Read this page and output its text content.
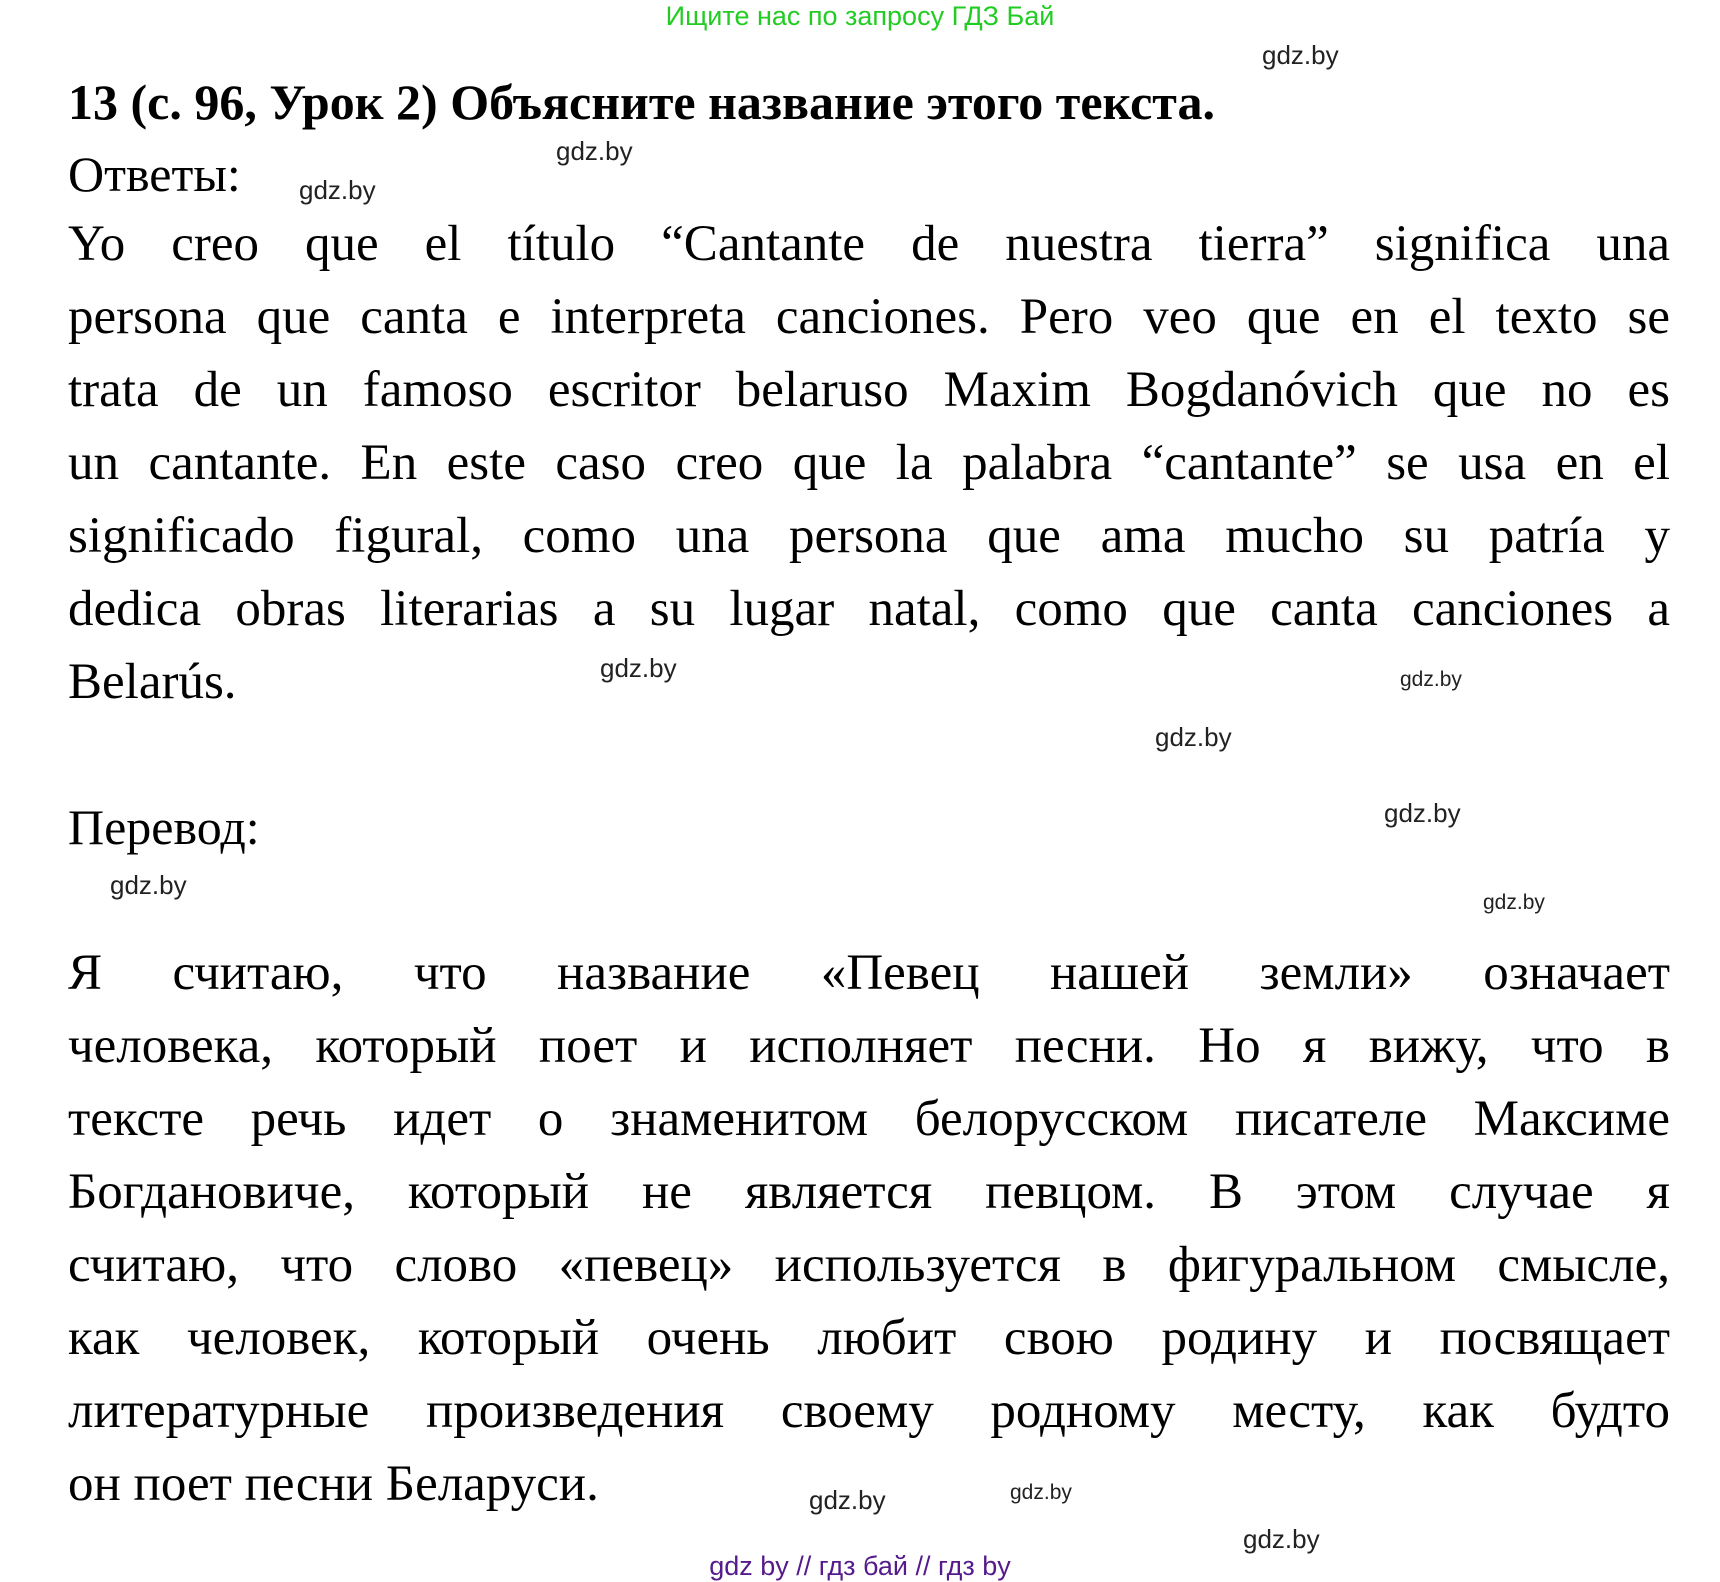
Ищите нас по запросу ГДЗ Бай
gdz.by
13 (с. 96, Урок 2) Объясните название этого текста.
gdz.by
Ответы: gdz.by
Yo creo que el título “Cantante de nuestra tierra” significa una
persona que canta e interpreta canciones. Pero veo que en el texto se
trata de un famoso escritor belaruso Maxim Bogdanóvich que no es
un cantante. En este caso creo que la palabra “cantante” se usa en el
significado figural, como una persona que ama mucho su patría y
dedica obras literarias a su lugar natal, como que canta canciones a
Belarús.	gdz.by
gdz.by
gdz.by
Перевод:	gdz.by
gdz.by
Я считаю, что название «Певец нашей земли» означает
человека, который поет и исполняет песни. Но я вижу, что в
тексте речь идет о знаменитом белорусском писателе Максиме
Богдановиче, который не является певцом. В этом случае я
считаю, что слово «певец» используется в фигуральном смысле,
как человек, который очень любит свою родину и посвящает
литературные произведения своему родному месту, как будто
он поет песни Беларуси.
gdz.by
gdz.by
gdz.by
gdz.by
gdz by // гдз бай // гдз by
